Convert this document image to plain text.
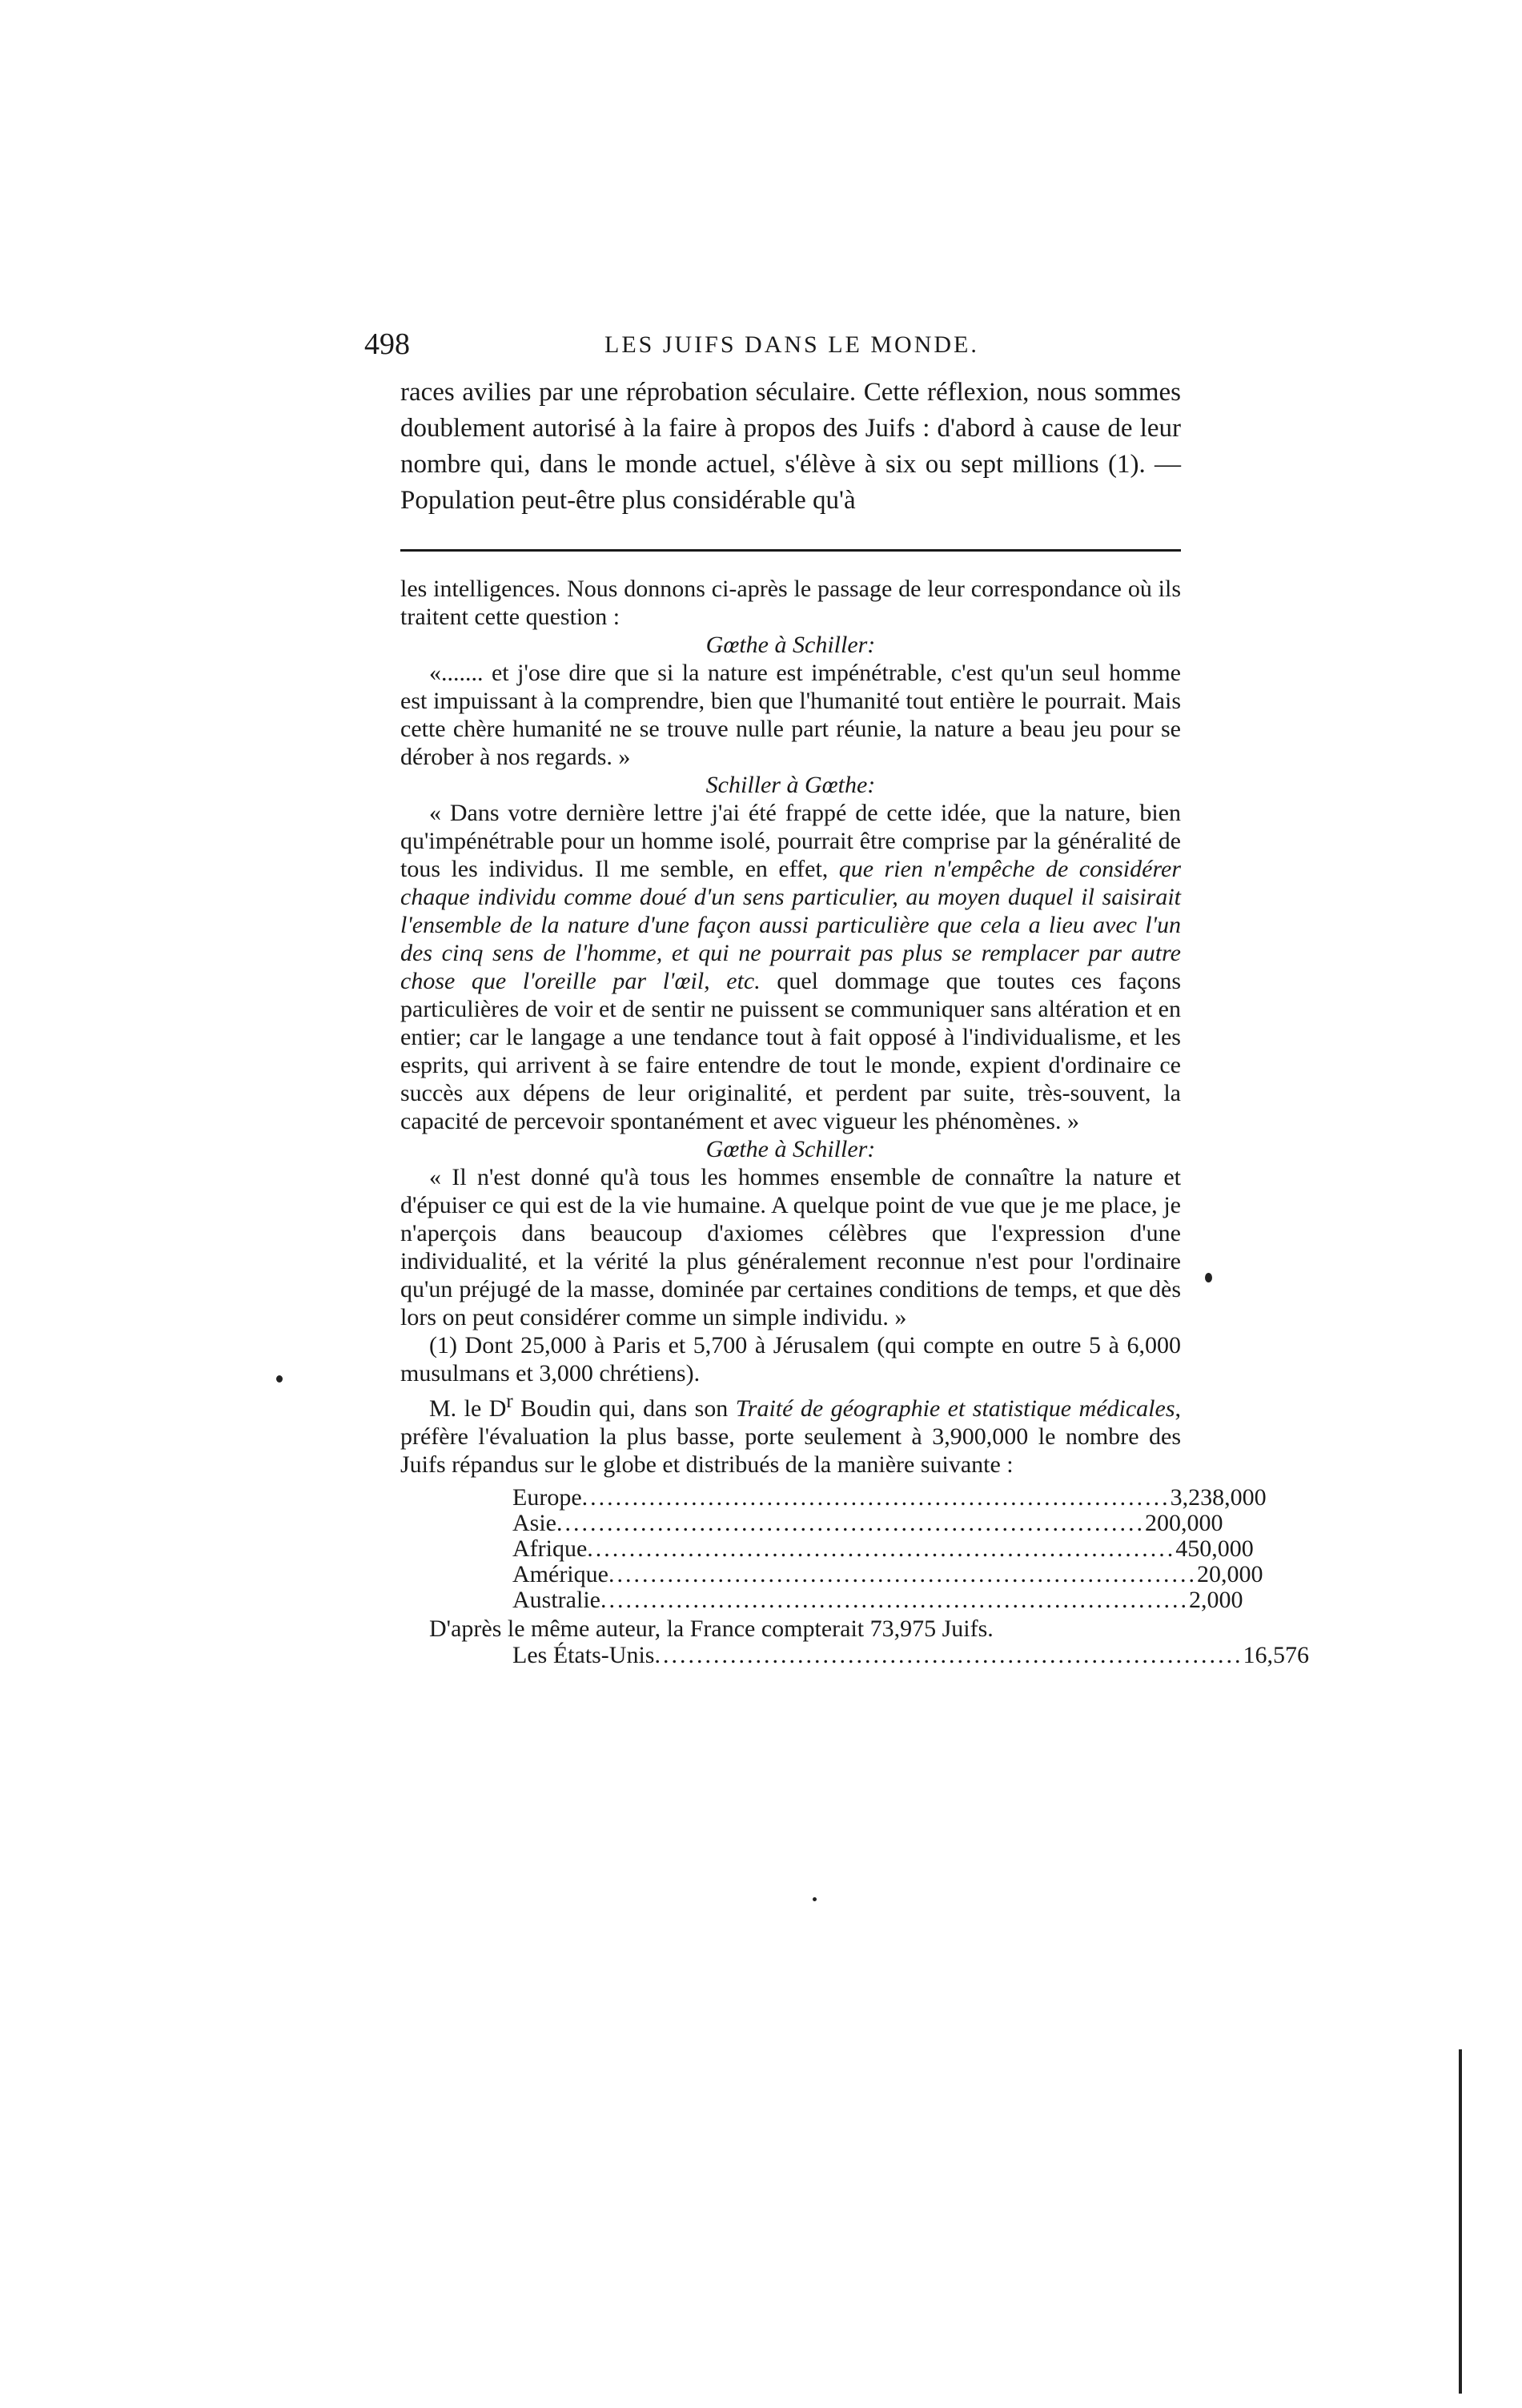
498	LES JUIFS DANS LE MONDE.

races avilies par une réprobation séculaire. Cette réflexion, nous sommes doublement autorisé à la faire à propos des Juifs : d'abord à cause de leur nombre qui, dans le monde actuel, s'élève à six ou sept millions (1). — Population peut-être plus considérable qu'à

les intelligences. Nous donnons ci-après le passage de leur correspondance où ils traitent cette question :

Gœthe à Schiller:

«....... et j'ose dire que si la nature est impénétrable, c'est qu'un seul homme est impuissant à la comprendre, bien que l'humanité tout entière le pourrait. Mais cette chère humanité ne se trouve nulle part réunie, la nature a beau jeu pour se dérober à nos regards. »

Schiller à Gœthe:

« Dans votre dernière lettre j'ai été frappé de cette idée, que la nature, bien qu'impénétrable pour un homme isolé, pourrait être comprise par la généralité de tous les individus. Il me semble, en effet, que rien n'empêche de considérer chaque individu comme doué d'un sens particulier, au moyen duquel il saisirait l'ensemble de la nature d'une façon aussi particulière que cela a lieu avec l'un des cinq sens de l'homme, et qui ne pourrait pas plus se remplacer par autre chose que l'oreille par l'œil, etc. quel dommage que toutes ces façons particulières de voir et de sentir ne puissent se communiquer sans altération et en entier; car le langage a une tendance tout à fait opposé à l'individualisme, et les esprits, qui arrivent à se faire entendre de tout le monde, expient d'ordinaire ce succès aux dépens de leur originalité, et perdent par suite, très-souvent, la capacité de percevoir spontanément et avec vigueur les phénomènes. »

Gœthe à Schiller:

« Il n'est donné qu'à tous les hommes ensemble de connaître la nature et d'épuiser ce qui est de la vie humaine. A quelque point de vue que je me place, je n'aperçois dans beaucoup d'axiomes célèbres que l'expression d'une individualité, et la vérité la plus généralement reconnue n'est pour l'ordinaire qu'un préjugé de la masse, dominée par certaines conditions de temps, et que dès lors on peut considérer comme un simple individu. »

(1) Dont 25,000 à Paris et 5,700 à Jérusalem (qui compte en outre 5 à 6,000 musulmans et 3,000 chrétiens).

M. le $D^r$ Boudin qui, dans son Traité de géographie et statistique médicales, préfère l'évaluation la plus basse, porte seulement à 3,900,000 le nombre des Juifs répandus sur le globe et distribués de la manière suivante :

Europe ...................................................................... 3,238,000
Asie ...................................................................... 200,000
Afrique ...................................................................... 450,000
Amérique ...................................................................... 20,000
Australie ...................................................................... 2,000

D'après le même auteur, la France compterait 73,975 Juifs.

Les États-Unis ...................................................................... 16,576
